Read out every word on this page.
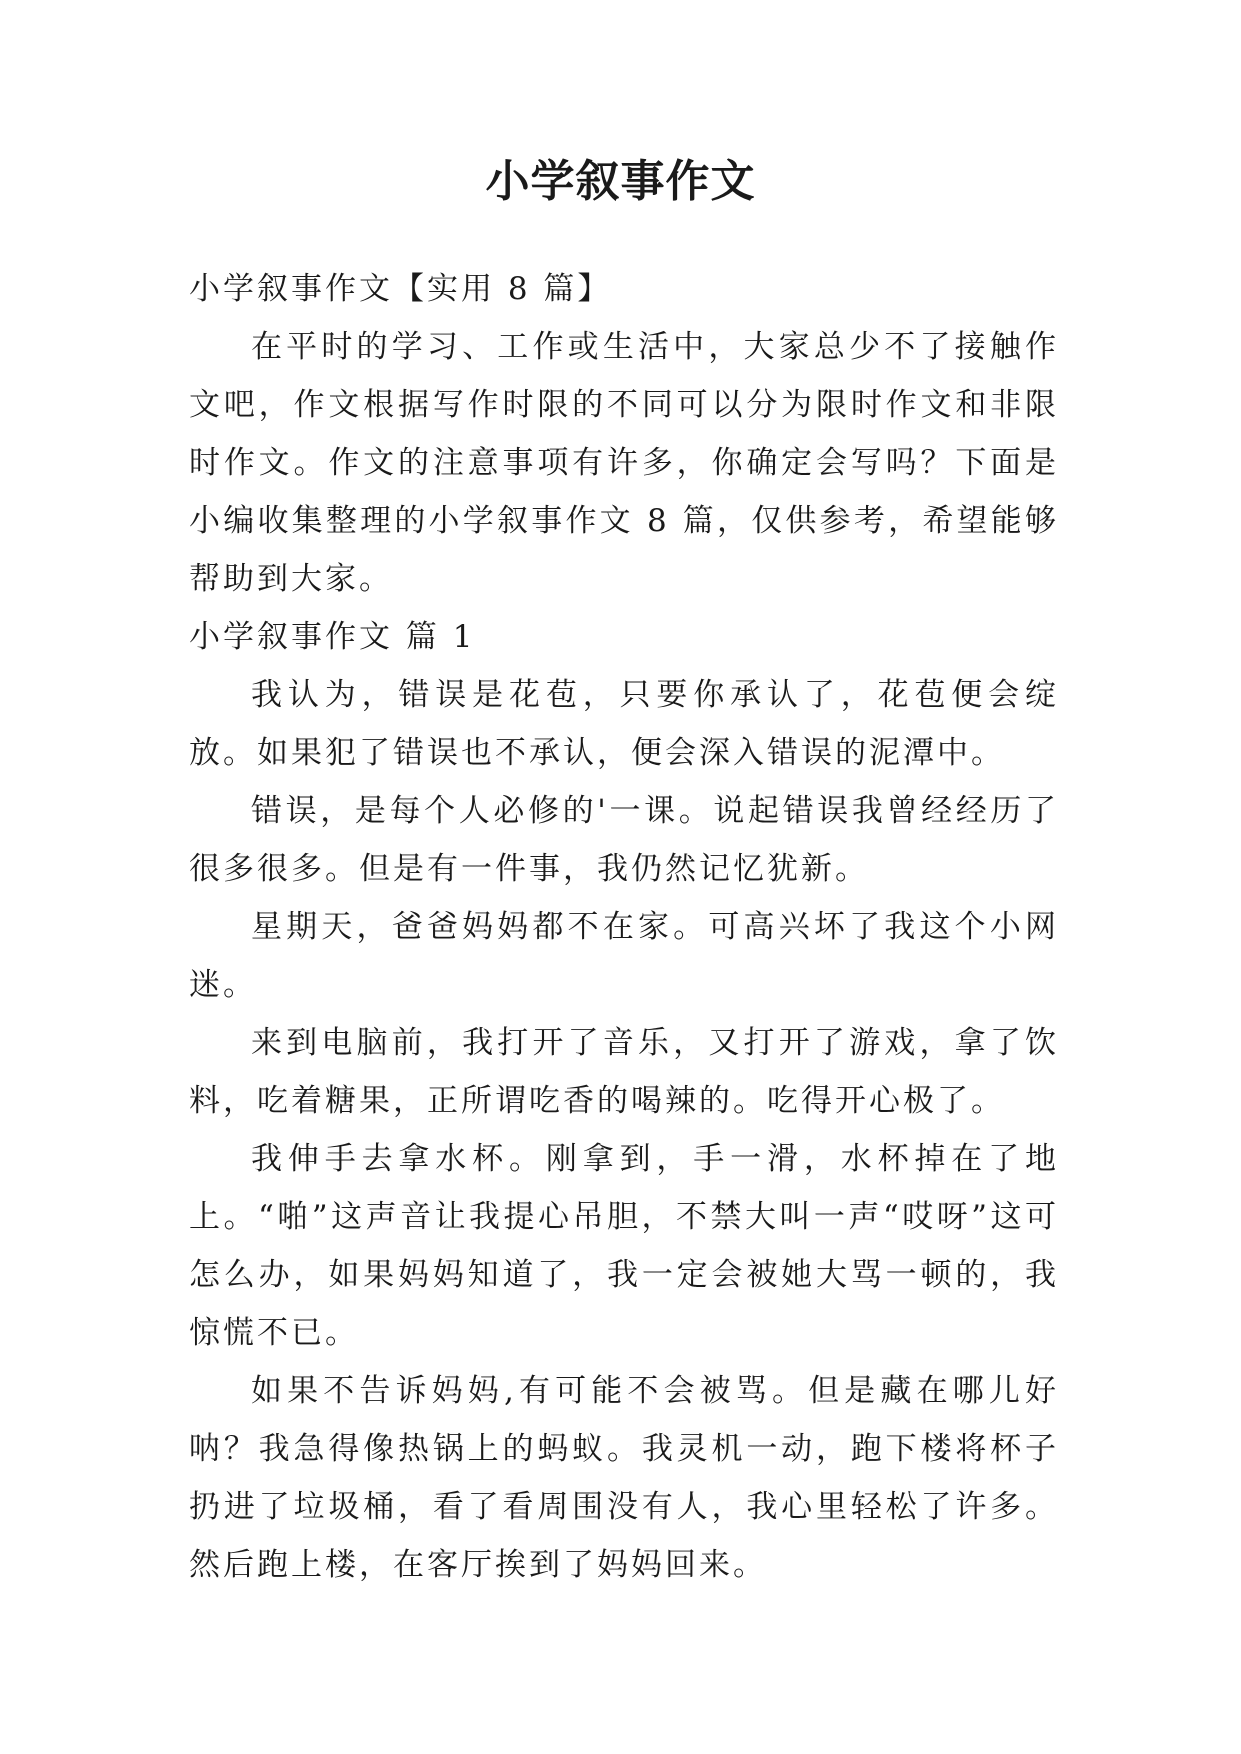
小学叙事作文

小学叙事作文【实用 8 篇】

在平时的学习、工作或生活中，大家总少不了接触作文吧，作文根据写作时限的不同可以分为限时作文和非限时作文。作文的注意事项有许多，你确定会写吗？下面是小编收集整理的小学叙事作文 8 篇，仅供参考，希望能够帮助到大家。

小学叙事作文 篇 1

我认为，错误是花苞，只要你承认了，花苞便会绽放。如果犯了错误也不承认，便会深入错误的泥潭中。

错误，是每个人必修的'一课。说起错误我曾经经历了很多很多。但是有一件事，我仍然记忆犹新。

星期天，爸爸妈妈都不在家。可高兴坏了我这个小网迷。

来到电脑前，我打开了音乐，又打开了游戏，拿了饮料，吃着糖果，正所谓吃香的喝辣的。吃得开心极了。

我伸手去拿水杯。刚拿到，手一滑，水杯掉在了地上。“啪”这声音让我提心吊胆，不禁大叫一声“哎呀”这可怎么办，如果妈妈知道了，我一定会被她大骂一顿的，我惊慌不已。

如果不告诉妈妈,有可能不会被骂。但是藏在哪儿好呐？我急得像热锅上的蚂蚁。我灵机一动，跑下楼将杯子扔进了垃圾桶，看了看周围没有人，我心里轻松了许多。然后跑上楼，在客厅挨到了妈妈回来。
